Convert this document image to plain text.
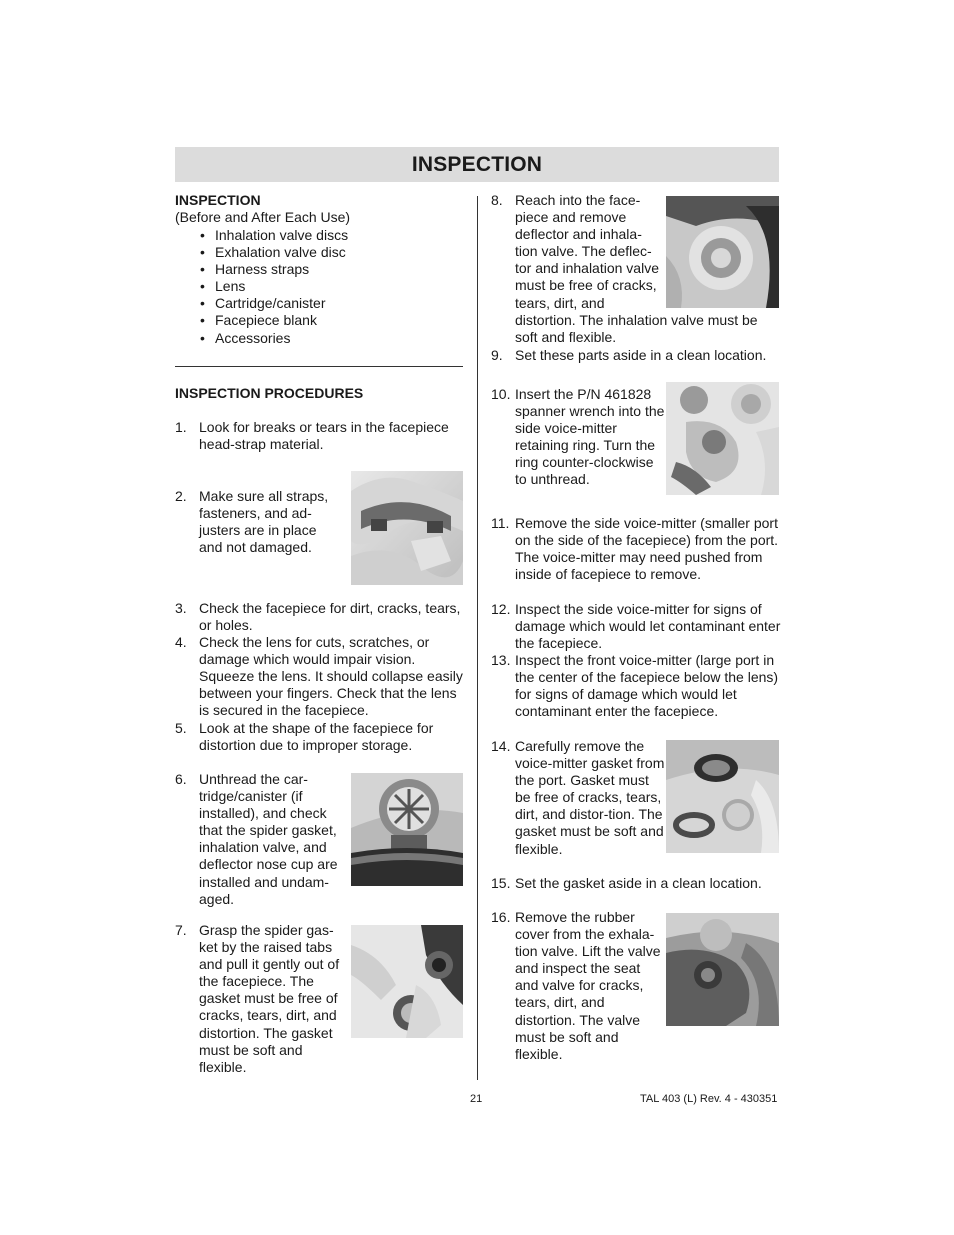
INSPECTION
INSPECTION
(Before and After Each Use)
• Inhalation valve discs
• Exhalation valve disc
• Harness straps
• Lens
• Cartridge/canister
• Facepiece blank
• Accessories
INSPECTION PROCEDURES
1. Look for breaks or tears in the facepiece head-strap material.
2. Make sure all straps, fasteners, and ad-justers are in place and not damaged.
3. Check the facepiece for dirt, cracks, tears, or holes.
4. Check the lens for cuts, scratches, or damage which would impair vision. Squeeze the lens. It should collapse easily between your fingers. Check that the lens is secured in the facepiece.
5. Look at the shape of the facepiece for distortion due to improper storage.
6. Unthread the car-tridge/canister (if installed), and check that the spider gasket, inhalation valve, and deflector nose cup are installed and undam-aged.
7. Grasp the spider gas-ket by the raised tabs and pull it gently out of the facepiece. The gasket must be free of cracks, tears, dirt, and distortion. The gasket must be soft and flexible.
8. Reach into the face-piece and remove deflector and inhala-tion valve. The deflec-tor and inhalation valve must be free of cracks, tears, dirt, and distortion. The inhalation valve must be soft and flexible.
9. Set these parts aside in a clean location.
10. Insert the P/N 461828 spanner wrench into the side voice-mitter retaining ring. Turn the ring counter-clockwise to unthread.
11. Remove the side voice-mitter (smaller port on the side of the facepiece) from the port. The voice-mitter may need pushed from inside of facepiece to remove.
12. Inspect the side voice-mitter for signs of damage which would let contaminant enter the facepiece.
13. Inspect the front voice-mitter (large port in the center of the facepiece below the lens) for signs of damage which would let contaminant enter the facepiece.
14. Carefully remove the voice-mitter gasket from the port. Gasket must be free of cracks, tears, dirt, and distor-tion. The gasket must be soft and flexible.
15. Set the gasket aside in a clean location.
16. Remove the rubber cover from the exhala-tion valve. Lift the valve and inspect the seat and valve for cracks, tears, dirt, and distortion. The valve must be soft and flexible.
21	TAL 403 (L) Rev. 4 - 430351
